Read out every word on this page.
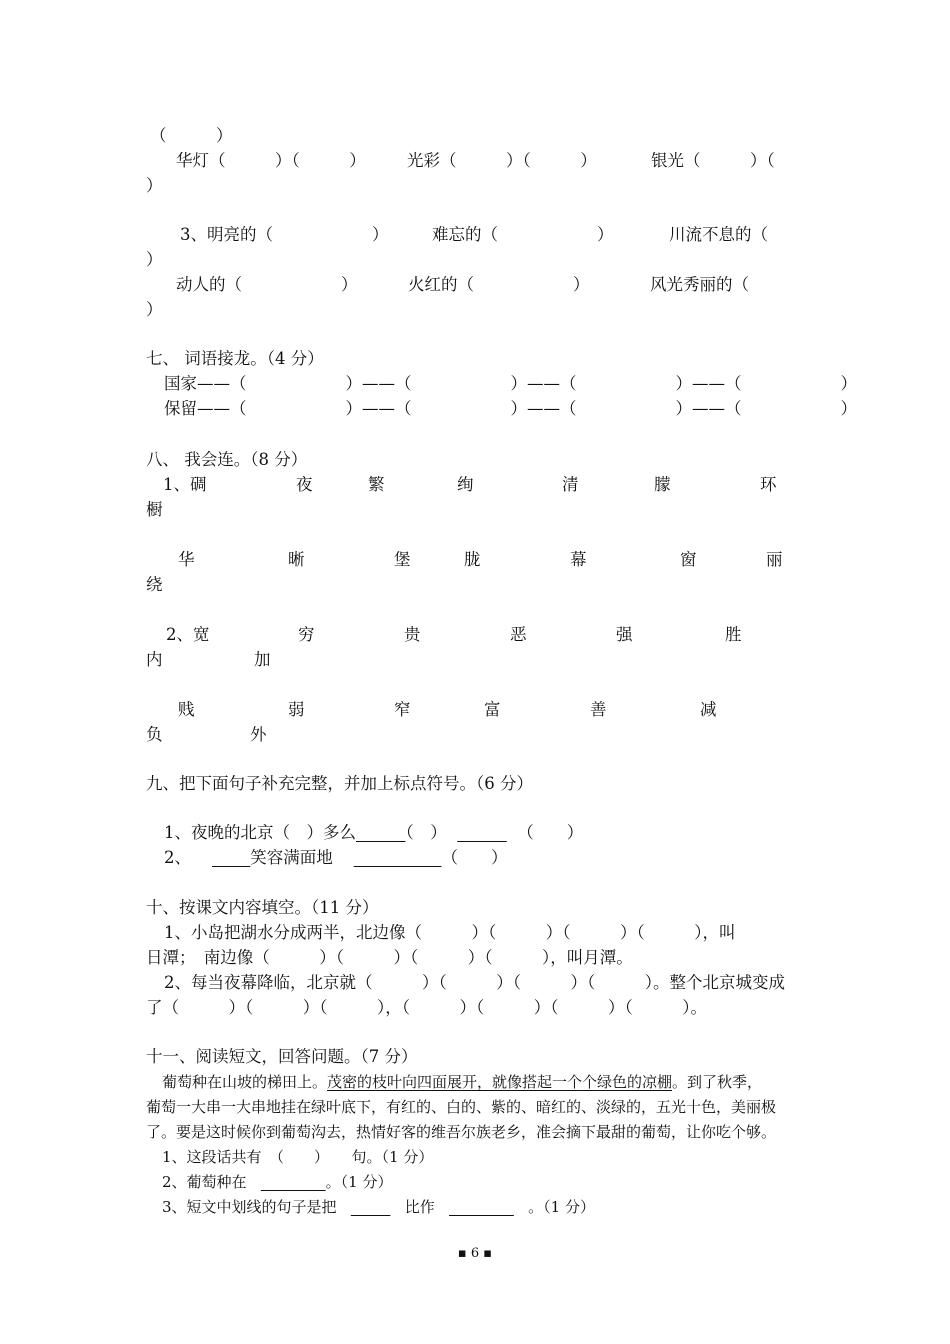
（　　　）
华灯（　　　）（　　　）	光彩（　　　）（　　　）	银光（　　　）（
）
3、明亮的（　　　　　　）	难忘的（　　　　　　）	川流不息的（
）
动人的（　　　　　　）	火红的（　　　　　　）	风光秀丽的（
）
七、 词语接龙。（4 分）
国家——（　　　　　　）——（　　　　　　）——（　　　　　　）——（　　　　　　）
保留——（　　　　　　）——（　　　　　　）——（　　　　　　）——（　　　　　　）
八、 我会连。（8 分）
1、碉	夜	繁	绚	清	朦	环
橱
华	晰	堡	胧	幕	窗	丽
绕
2、宽	穷	贵	恶	强	胜
内	加
贱	弱	窄	富	善	减
负	外
九、把下面句子补充完整，并加上标点符号。（6 分）
1、夜晚的北京（　）多么　　　	（　）  　　　	（　　）
2、    　　	笑容满面地    　　　　　	（　　）
十、按课文内容填空。（11 分）
1、小岛把湖水分成两半，北边像（　　　）（　　　）（　　　）（　　　），叫
日潭；　南边像（　　　）（　　　）（　　　）（　　　），叫月潭。
2、每当夜幕降临，北京就（　　　）（　　　）（　　　）（　　　）。整个北京城变成
了（　　　）（　　　）（　　　），（　　　）（　　　）（　　　）（　　　）。
十一、阅读短文，回答问题。（7 分）
葡萄种在山坡的梯田上。茂密的枝叶向四面展开，就像搭起一个个绿色的凉棚。到了秋季，
葡萄一大串一大串地挂在绿叶底下，有红的、白的、紫的、暗红的、淡绿的，五光十色，美丽极
了。要是这时候你到葡萄沟去，热情好客的维吾尔族老乡，准会摘下最甜的葡萄，让你吃个够。
1、这段话共有　（　　）　　句。（1 分）
2、葡萄种在   　　　　	。（1 分）
3、短文中划线的句子是把   　　	比作   　　　　	。（1 分）
▪ 6 ▪
